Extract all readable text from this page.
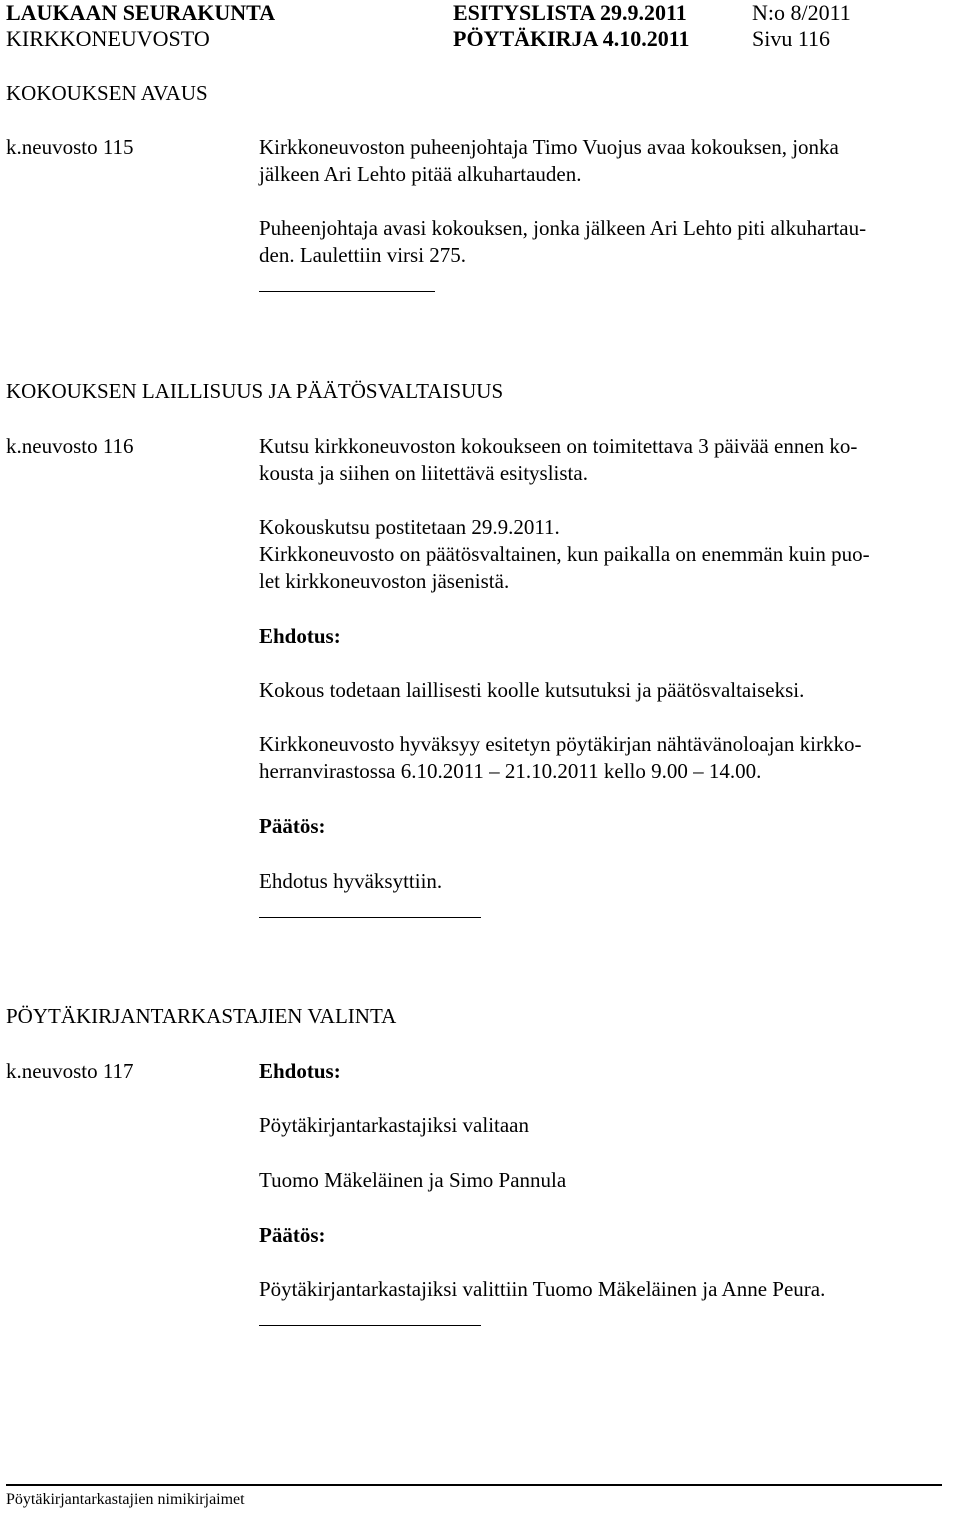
LAUKAAN SEURAKUNTA	ESITYSLISTA 29.9.2011	N:o 8/2011
KIRKKONEUVOSTO	PÖYTÄKIRJA 4.10.2011	Sivu 116
KOKOUKSEN AVAUS
k.neuvosto 115	Kirkkoneuvoston puheenjohtaja Timo Vuojus avaa kokouksen, jonka
jälkeen Ari Lehto pitää alkuhartauden.
Puheenjohtaja avasi kokouksen, jonka jälkeen Ari Lehto piti alkuhartau-
den. Laulettiin virsi 275.
KOKOUKSEN LAILLISUUS JA PÄÄTÖSVALTAISUUS
k.neuvosto 116	Kutsu kirkkoneuvoston kokoukseen on toimitettava 3 päivää ennen ko-
kousta ja siihen on liitettävä esityslista.
Kokouskutsu postitetaan 29.9.2011.
Kirkkoneuvosto on päätösvaltainen, kun paikalla on enemmän kuin puo-
let kirkkoneuvoston jäsenistä.
Ehdotus:
Kokous todetaan laillisesti koolle kutsutuksi ja päätösvaltaiseksi.
Kirkkoneuvosto hyväksyy esitetyn pöytäkirjan nähtävänoloajan kirkko-
herranvirastossa 6.10.2011 – 21.10.2011 kello 9.00 – 14.00.
Päätös:
Ehdotus hyväksyttiin.
PÖYTÄKIRJANTARKASTAJIEN VALINTA
k.neuvosto 117	Ehdotus:
Pöytäkirjantarkastajiksi valitaan
Tuomo Mäkeläinen ja Simo Pannula
Päätös:
Pöytäkirjantarkastajiksi valittiin Tuomo Mäkeläinen ja Anne Peura.
Pöytäkirjantarkastajien nimikirjaimet
